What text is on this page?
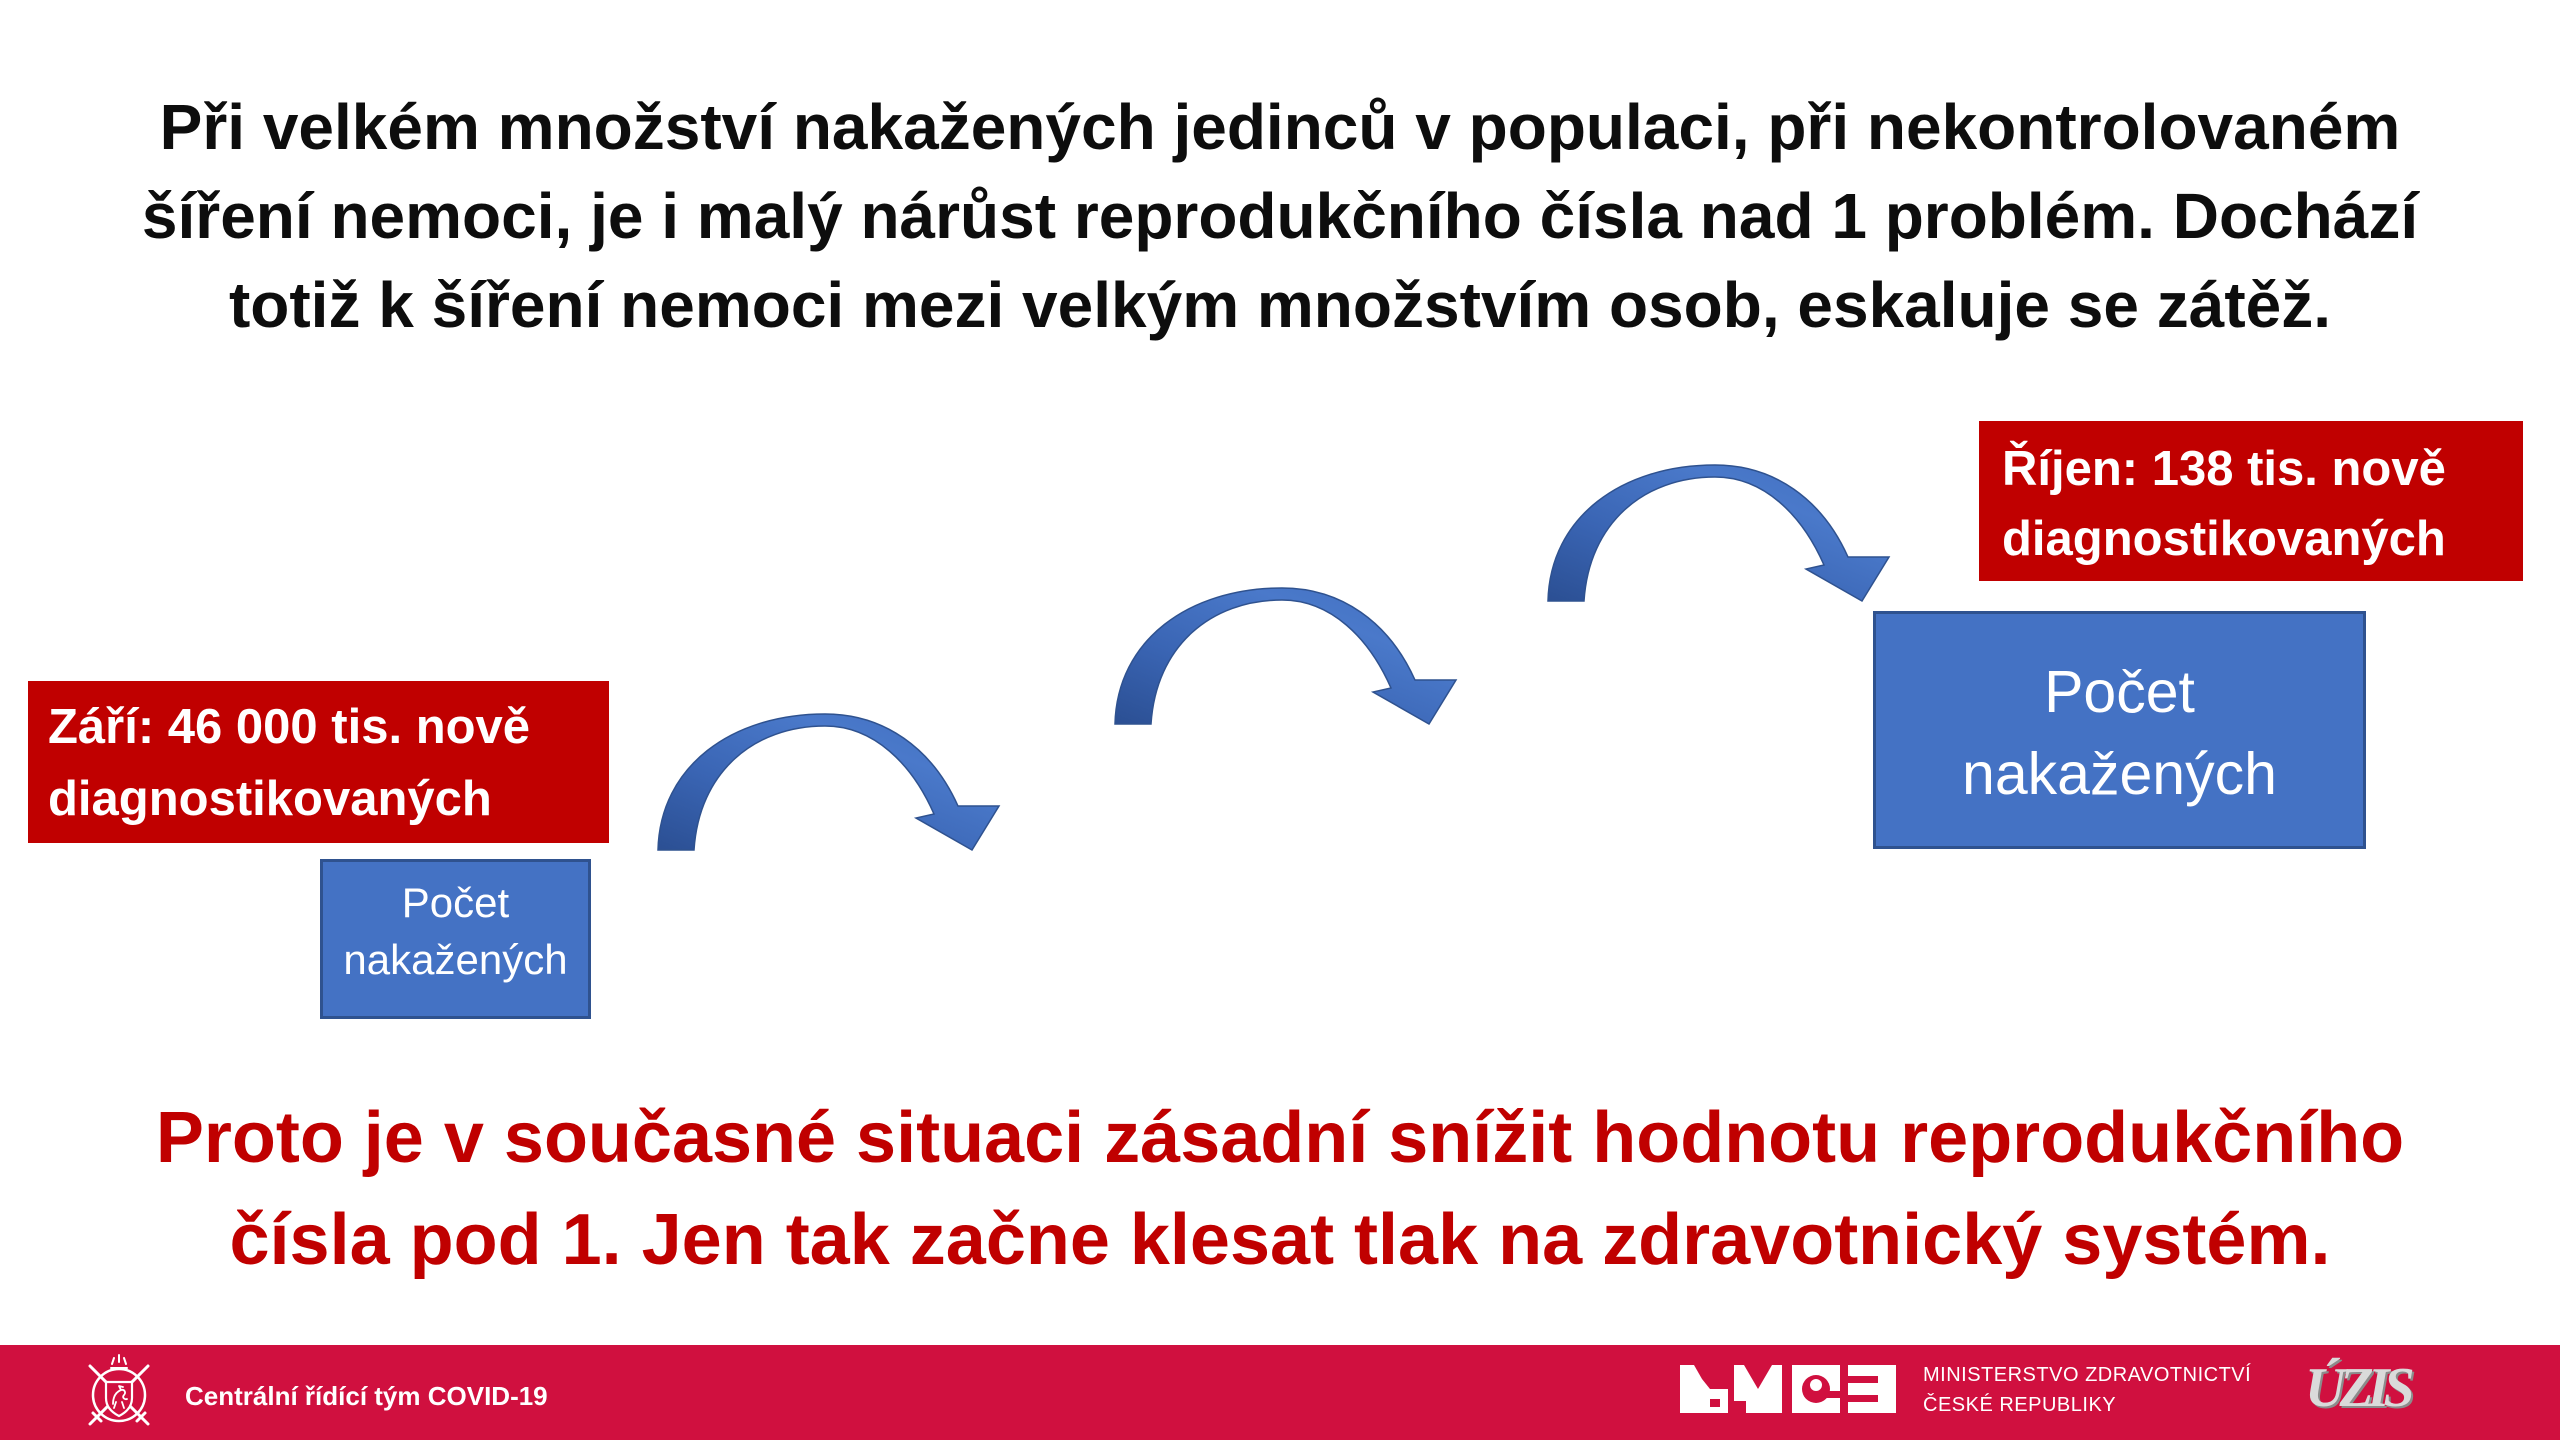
Při velkém množství nakažených jedinců v populaci, při nekontrolovaném
šíření nemoci, je i malý nárůst reprodukčního čísla nad 1 problém. Dochází
totiž k šíření nemoci mezi velkým množstvím osob, eskaluje se zátěž.
Září: 46 000 tis. nově
diagnostikovaných
Počet
nakažených
Říjen: 138 tis. nově
diagnostikovaných
Počet
nakažených
Proto je v současné situaci zásadní snížit hodnotu reprodukčního
čísla pod 1. Jen tak začne klesat tlak na zdravotnický systém.
Centrální řídící tým COVID-19
MINISTERSTVO ZDRAVOTNICTVÍ
ČESKÉ REPUBLIKY	ÚZIS
